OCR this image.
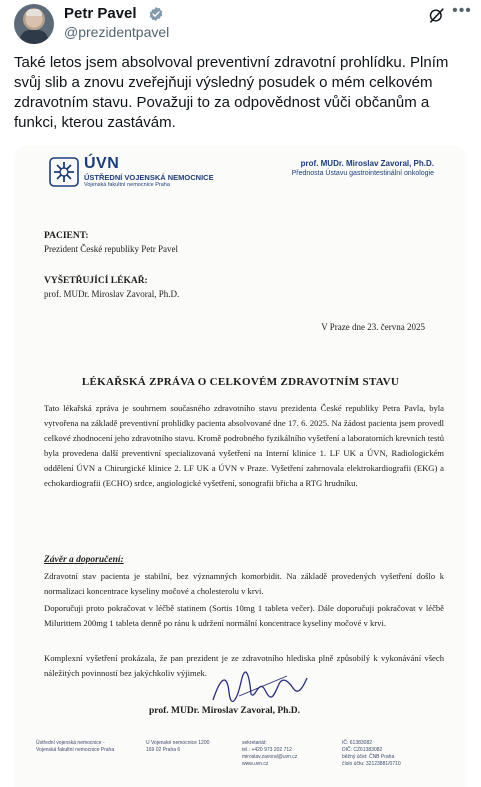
Petr Pavel
@prezidentpavel
•••
Také letos jsem absolvoval preventivní zdravotní prohlídku. Plním svůj slib a znovu zveřejňuji výsledný posudek o mém celkovém zdravotním stavu. Považuji to za odpovědnost vůči občanům a funkci, kterou zastávám.
ÚVN
ÚSTŘEDNÍ VOJENSKÁ NEMOCNICE
Vojenská fakultní nemocnice Praha
prof. MUDr. Miroslav Zavoral, Ph.D.
Přednosta Ústavu gastrointestinální onkologie
PACIENT:
Prezident České republiky Petr Pavel
VYŠETŘUJÍCÍ LÉKAŘ:
prof. MUDr. Miroslav Zavoral, Ph.D.
V Praze dne 23. června 2025
LÉKAŘSKÁ ZPRÁVA O CELKOVÉM ZDRAVOTNÍM STAVU
Tato lékařská zpráva je souhrnem současného zdravotního stavu prezidenta České republiky Petra Pavla, byla vytvořena na základě preventivní prohlídky pacienta absolvované dne 17. 6. 2025. Na žádost pacienta jsem provedl celkové zhodnocení jeho zdravotního stavu. Kromě podrobného fyzikálního vyšetření a laboratorních krevních testů byla provedena další preventivní specializovaná vyšetření na Interní klinice 1. LF UK a ÚVN, Radiologickém oddělení ÚVN a Chirurgické klinice 2. LF UK a ÚVN v Praze. Vyšetření zahrnovala elektrokardiografii (EKG) a echokardiografii (ECHO) srdce, angiologické vyšetření, sonografii břicha a RTG hrudníku.
Závěr a doporučení:
Zdravotní stav pacienta je stabilní, bez významných komorbidit. Na základě provedených vyšetření došlo k normalizaci koncentrace kyseliny močové a cholesterolu v krvi.
Doporučuji proto pokračovat v léčbě statinem (Sortis 10mg 1 tableta večer). Dále doporučuji pokračovat v léčbě Milurittem 200mg 1 tableta denně po ránu k udržení normální koncentrace kyseliny močové v krvi.
Komplexní vyšetření prokázala, že pan prezident je ze zdravotního hlediska plně způsobilý k vykonávání všech náležitých povinností bez jakýchkoliv výjimek.
prof. MUDr. Miroslav Zavoral, Ph.D.
Ústřední vojenská nemocnice -
Vojenská fakultní nemocnice Praha
U Vojenské nemocnice 1200
169 02 Praha 6
sekretariát:
tel.: +420 973 202 712
miroslav.zavoral@uvn.cz
www.uvn.cz
IČ: 61383082
DIČ: CZ61383082
běžný účet: ČNB Praha
číslo účtu: 32123881/0710
